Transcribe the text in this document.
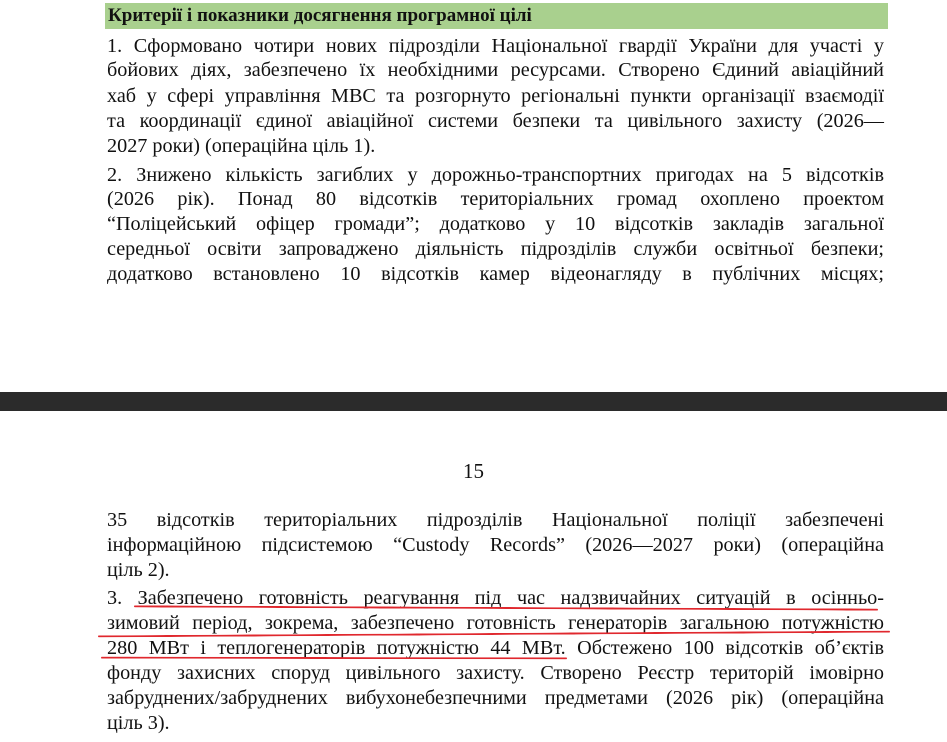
Критерії і показники досягнення програмної цілі
1. Сформовано чотири нових підрозділи Національної гвардії України для участі у
бойових діях, забезпечено їх необхідними ресурсами. Створено Єдиний авіаційний
хаб у сфері управління МВС та розгорнуто регіональні пункти організації взаємодії
та координації єдиної авіаційної системи безпеки та цивільного захисту (2026—
2027 роки) (операційна ціль 1).
2. Знижено кількість загиблих у дорожньо-транспортних пригодах на 5 відсотків
(2026 рік). Понад 80 відсотків територіальних громад охоплено проектом
“Поліцейський офіцер громади”; додатково у 10 відсотків закладів загальної
середньої освіти запроваджено діяльність підрозділів служби освітньої безпеки;
додатково встановлено 10 відсотків камер відеонагляду в публічних місцях;
15
35 відсотків територіальних підрозділів Національної поліції забезпечені
інформаційною підсистемою “Custody Records” (2026—2027 роки) (операційна
ціль 2).
3. Забезпечено готовність реагування під час надзвичайних ситуацій в осінньо-
зимовий період, зокрема, забезпечено готовність генераторів загальною потужністю
280 МВт і теплогенераторів потужністю 44 МВт. Обстежено 100 відсотків об’єктів
фонду захисних споруд цивільного захисту. Створено Реєстр територій імовірно
забруднених/забруднених вибухонебезпечними предметами (2026 рік) (операційна
ціль 3).
